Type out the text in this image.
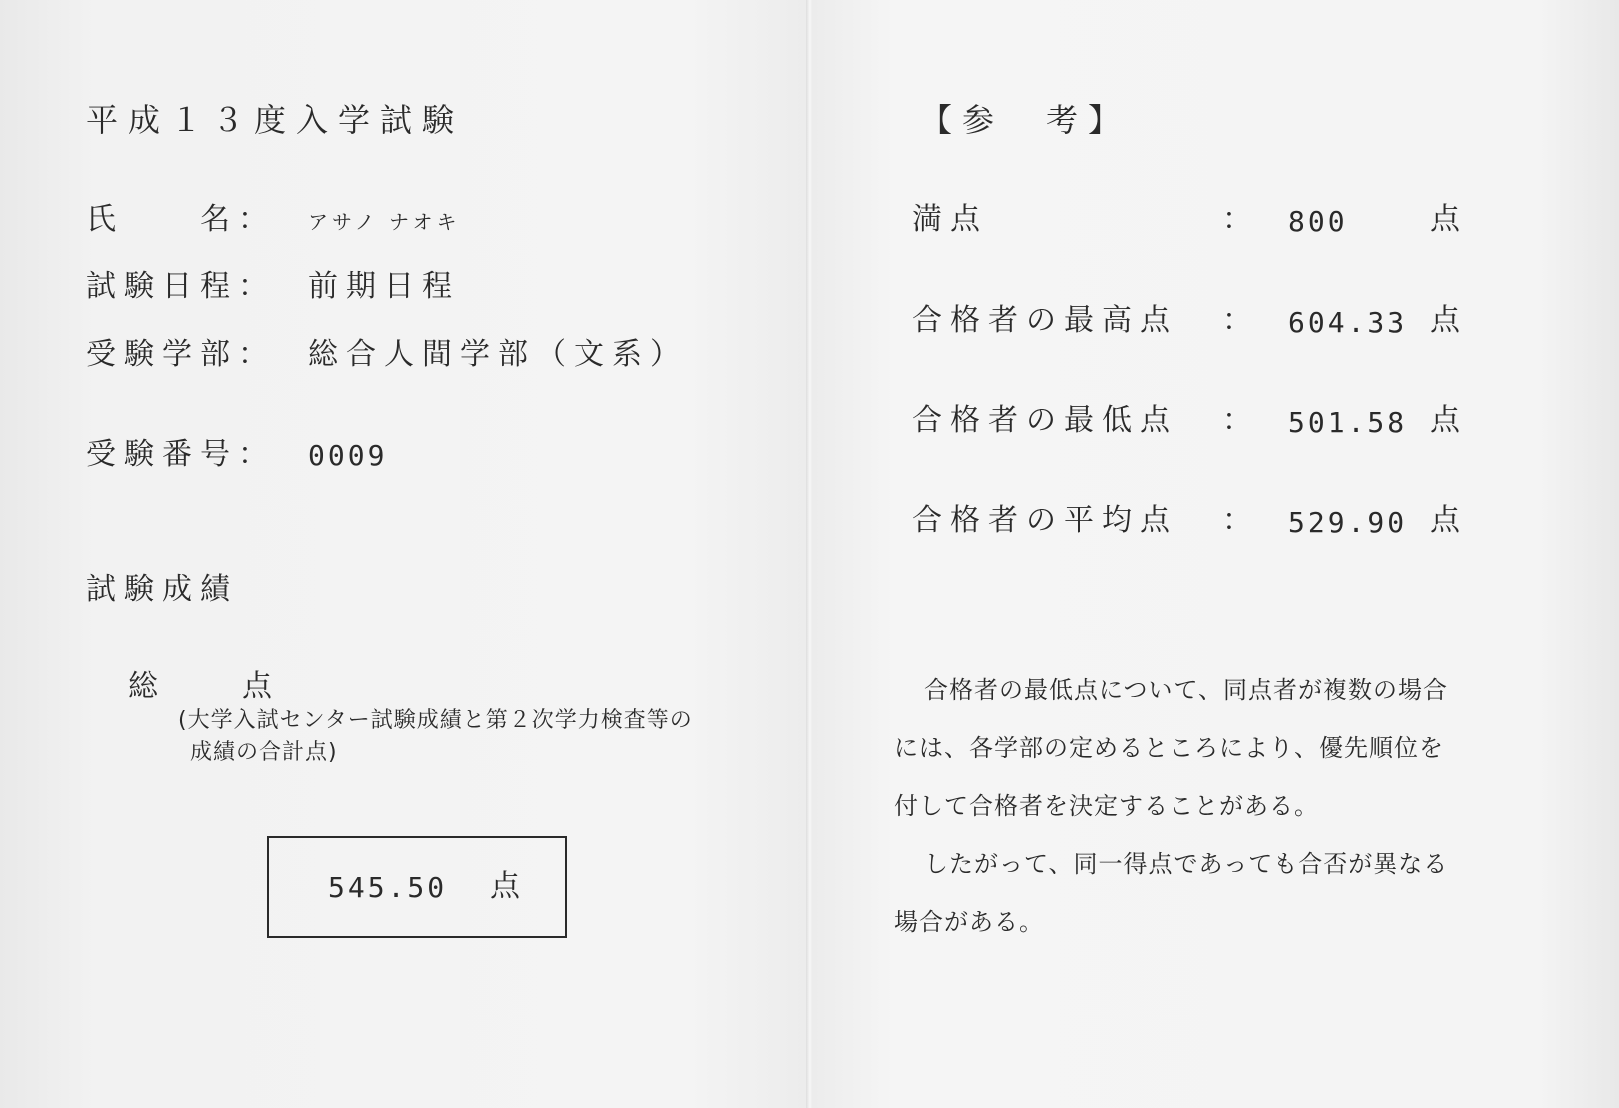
平成１３度入学試験
氏　　名： アサノ ナオキ
試験日程： 前期日程
受験学部： 総合人間学部（文系）
受験番号： 0009
試験成績
総　　点
(大学入試センター試験成績と第２次学力検査等の
成績の合計点)
545.50 点
【参　考】
満点	： 800	点
合格者の最高点 ： 604.33 点
合格者の最低点 ： 501.58 点
合格者の平均点 ： 529.90 点
合格者の最低点について、同点者が複数の場合
には、各学部の定めるところにより、優先順位を
付して合格者を決定することがある。
したがって、同一得点であっても合否が異なる
場合がある。
